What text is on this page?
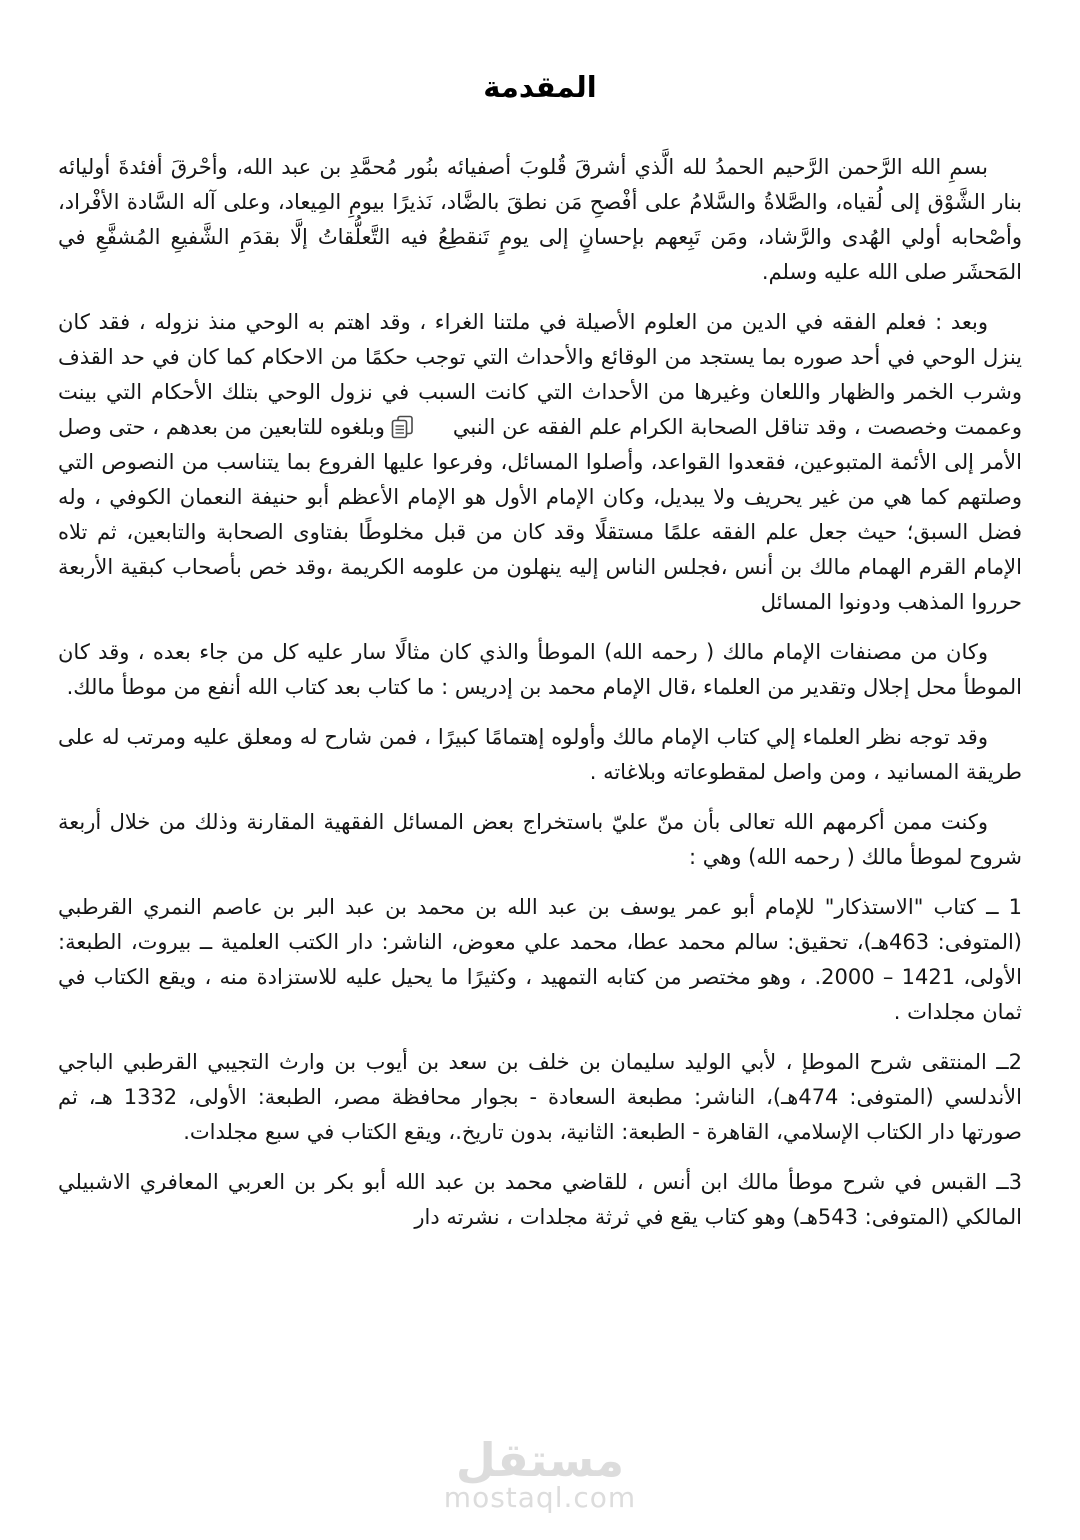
المقدمة

بسمِ الله الرَّحمن الرَّحيم الحمدُ لله الَّذي أشرقَ قُلوبَ أصفيائه بنُور مُحمَّدِ بن عبد الله، وأحْرقَ أفئدةَ أوليائه بنار الشَّوْق إلى لُقياه، والصَّلاةُ والسَّلامُ على أفْصحِ مَن نطقَ بالضَّاد، نَذيرًا بيومِ المِيعاد، وعلى آله السَّادة الأفْراد، وأصْحابه أولي الهُدى والرَّشاد، ومَن تَبِعهم بإحسانٍ إلى يومٍ تَنقطِعُ فيه التَّعلُّقاتُ إلَّا بقدَمِ الشَّفيعِ المُشفَّعِ في المَحشَر صلى الله عليه وسلم.

وبعد : فعلم الفقه في الدين من العلوم الأصيلة في ملتنا الغراء ، وقد اهتم به الوحي منذ نزوله ، فقد كان ينزل الوحي في أحد صوره بما يستجد من الوقائع والأحداث التي توجب حكمًا من الاحكام كما كان في حد القذف وشرب الخمر والظهار واللعان وغيرها من الأحداث التي كانت السبب في نزول الوحي بتلك الأحكام التي بينت وعممت وخصصت ، وقد تناقل الصحابة الكرام علم الفقه عن النبيوبلغوه للتابعين من بعدهم ، حتى وصل الأمر إلى الأئمة المتبوعين، فقعدوا القواعد، وأصلوا المسائل، وفرعوا عليها الفروع بما يتناسب من النصوص التي وصلتهم كما هي من غير يحريف ولا يبديل، وكان الإمام الأول هو الإمام الأعظم أبو حنيفة النعمان الكوفي ، وله فضل السبق؛ حيث جعل علم الفقه علمًا مستقلًا وقد كان من قبل مخلوطًا بفتاوى الصحابة والتابعين، ثم تلاه الإمام القرم الهمام مالك بن أنس ،فجلس الناس إليه ينهلون من علومه الكريمة ،وقد خص بأصحاب كبقية الأربعة حرروا المذهب ودونوا المسائل

وكان من مصنفات الإمام مالك ( رحمه الله) الموطأ والذي كان مثالًا سار عليه كل من جاء بعده ، وقد كان الموطأ محل إجلال وتقدير من العلماء ،قال الإمام محمد بن إدريس : ما كتاب بعد كتاب الله أنفع من موطأ مالك.

وقد توجه نظر العلماء إلي كتاب الإمام مالك وأولوه إهتمامًا كبيرًا ، فمن شارح له ومعلق عليه ومرتب له على طريقة المسانيد ، ومن واصل لمقطوعاته وبلاغاته .

وكنت ممن أكرمهم الله تعالى بأن منّ عليّ باستخراج بعض المسائل الفقهية المقارنة وذلك من خلال أربعة شروح لموطأ مالك ( رحمه الله) وهي :

1 ــ كتاب "الاستذكار" للإمام أبو عمر يوسف بن عبد الله بن محمد بن عبد البر بن عاصم النمري القرطبي (المتوفى: 463هـ)، تحقيق: سالم محمد عطا، محمد علي معوض، الناشر: دار الكتب العلمية ــ بيروت، الطبعة: الأولى، 1421 – 2000. ، وهو مختصر من كتابه التمهيد ، وكثيرًا ما يحيل عليه للاستزادة منه ، ويقع الكتاب في ثمان مجلدات .

2ــ المنتقى شرح الموطإ ، لأبي الوليد سليمان بن خلف بن سعد بن أيوب بن وارث التجيبي القرطبي الباجي الأندلسي (المتوفى: 474هـ)، الناشر: مطبعة السعادة - بجوار محافظة مصر، الطبعة: الأولى، 1332 هـ، ثم صورتها دار الكتاب الإسلامي، القاهرة - الطبعة: الثانية، بدون تاريخ.، ويقع الكتاب في سبع مجلدات.

3ــ القبس في شرح موطأ مالك ابن أنس ، للقاضي محمد بن عبد الله أبو بكر بن العربي المعافري الاشبيلي المالكي (المتوفى: 543هـ) وهو كتاب يقع في ثرثة مجلدات ، نشرته دار

مستقل
mostaql.com
